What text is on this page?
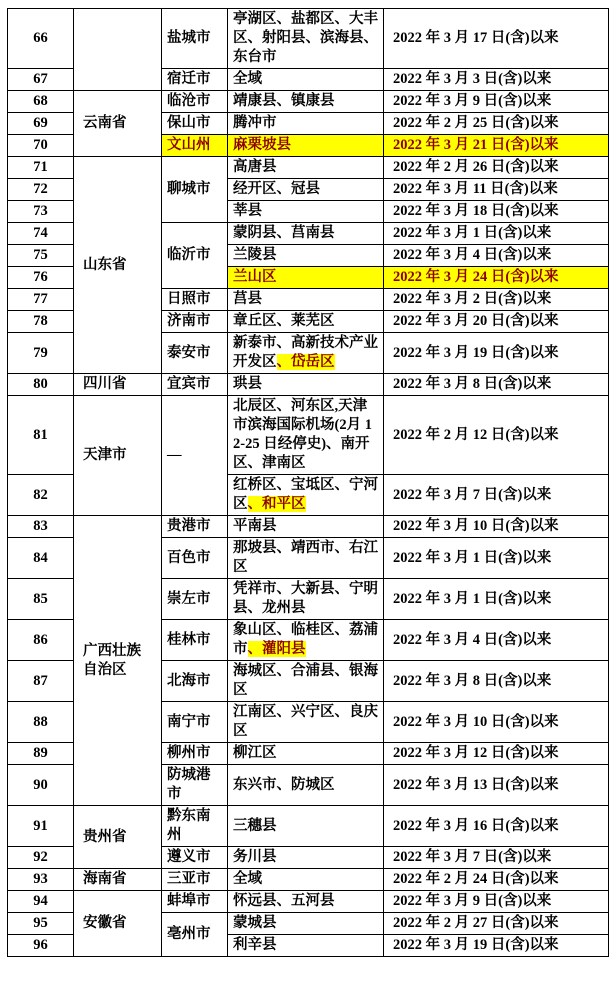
66		盐城市	亭湖区、盐都区、大丰区、射阳县、滨海县、东台市	2022 年 3 月 17 日(含)以来
67		宿迁市	全域	2022 年 3 月 3 日(含)以来
68	云南省	临沧市	靖康县、镇康县	2022 年 3 月 9 日(含)以来
69		保山市	腾冲市	2022 年 2 月 25 日(含)以来
70		文山州	麻栗坡县	2022 年 3 月 21 日(含)以来
71	山东省	聊城市	高唐县	2022 年 2 月 26 日(含)以来
72			经开区、冠县	2022 年 3 月 11 日(含)以来
73			莘县	2022 年 3 月 18 日(含)以来
74		临沂市	蒙阴县、莒南县	2022 年 3 月 1 日(含)以来
75			兰陵县	2022 年 3 月 4 日(含)以来
76			兰山区	2022 年 3 月 24 日(含)以来
77		日照市	莒县	2022 年 3 月 2 日(含)以来
78		济南市	章丘区、莱芜区	2022 年 3 月 20 日(含)以来
79		泰安市	新泰市、高新技术产业开发区、岱岳区	2022 年 3 月 19 日(含)以来
80	四川省	宜宾市	珙县	2022 年 3 月 8 日(含)以来
81	天津市	—	北辰区、河东区,天津市滨海国际机场(2月 12-25 日经停史)、南开区、津南区	2022 年 2 月 12 日(含)以来
82			红桥区、宝坻区、宁河区、和平区	2022 年 3 月 7 日(含)以来
83	广西壮族自治区	贵港市	平南县	2022 年 3 月 10 日(含)以来
84		百色市	那坡县、靖西市、右江区	2022 年 3 月 1 日(含)以来
85		崇左市	凭祥市、大新县、宁明县、龙州县	2022 年 3 月 1 日(含)以来
86		桂林市	象山区、临桂区、荔浦市、灌阳县	2022 年 3 月 4 日(含)以来
87		北海市	海城区、合浦县、银海区	2022 年 3 月 8 日(含)以来
88		南宁市	江南区、兴宁区、良庆区	2022 年 3 月 10 日(含)以来
89		柳州市	柳江区	2022 年 3 月 12 日(含)以来
90		防城港市	东兴市、防城区	2022 年 3 月 13 日(含)以来
91	贵州省	黔东南州	三穗县	2022 年 3 月 16 日(含)以来
92		遵义市	务川县	2022 年 3 月 7 日(含)以来
93	海南省	三亚市	全域	2022 年 2 月 24 日(含)以来
94	安徽省	蚌埠市	怀远县、五河县	2022 年 3 月 9 日(含)以来
95		亳州市	蒙城县	2022 年 2 月 27 日(含)以来
96			利辛县	2022 年 3 月 19 日(含)以来
